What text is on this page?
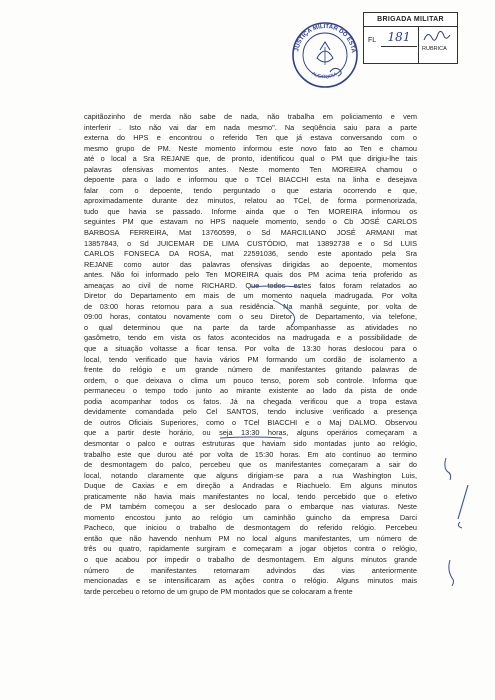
JUSTIÇA MILITAR DO ESTA
AUDITORIA
BRIGADA MILITAR
FL 181
RUBRICA
capitãozinho de merda não sabe de nada, não trabalha em policiamento e vem
interferir . Isto não vai dar em nada mesmo". Na seqüência saiu para a parte
externa do HPS e encontrou o referido Ten que já estava conversando com o
mesmo grupo de PM. Neste momento informou este novo fato ao Ten e chamou
até o local a Sra REJANE que, de pronto, identificou qual o PM que dirigiu-lhe tais
palavras ofensivas momentos antes. Neste momento Ten MOREIRA chamou o
depoente para o lado e informou que o TCel BIACCHI esta na linha e desejava
falar com o depoente, tendo perguntado o que estaria ocorrendo e que,
aproximadamente durante dez minutos, relatou ao TCel, de forma pormenorizada,
tudo que havia se passado. Informe ainda que o Ten MOREIRA informou os
seguintes PM que estavam no HPS naquele momento, sendo o Cb JOSÉ CARLOS
BARBOSA FERREIRA, Mat 13760599, o Sd MARCILIANO JOSÉ ARMANI mat
13857843, o Sd JUICEMAR DE LIMA CUSTÓDIO, mat 13892738 e o Sd LUIS
CARLOS FONSECA DA ROSA, mat 22591036, sendo este apontado pela Sra
REJANE como autor das palavras ofensivas dirigidas ao depoente, momentos
antes. Não foi informado pelo Ten MOREIRA quais dos PM acima teria proferido as
ameaças ao civil de nome RICHARD. Que todos estes fatos foram relatados ao
Diretor do Departamento em mais de um momento naquela madrugada. Por volta
de 03:00 horas retornou para a sua residência. Na manhã seguinte, por volta de
09:00 horas, contatou novamente com o seu Diretor de Departamento, via telefone,
o qual determinou que na parte da tarde acompanhasse as atividades no
gasômetro, tendo em vista os fatos acontecidos na madrugada e a possibilidade de
que a situação voltasse a ficar tensa. Por volta de 13:30 horas deslocou para o
local, tendo verificado que havia vários PM formando um cordão de isolamento a
frente do relógio e um grande número de manifestantes gritando palavras de
ordem, o que deixava o clima um pouco tenso, porem sob controle. Informa que
permaneceu o tempo todo junto ao mirante existente ao lado da pista de onde
podia acompanhar todos os fatos. Já na chegada verificou que a tropa estava
devidamente comandada pelo Cel SANTOS, tendo inclusive verificado a presença
de outros Oficiais Superiores, como o TCel BIACCHI e o Maj DALMO. Observou
que a partir deste horário, ou seja 13:30 horas, alguns operários começaram a
desmontar o palco e outras estruturas que haviam sido montadas junto ao relógio,
trabalho este que durou até por volta de 15:30 horas. Em ato contínuo ao termino
de desmontagem do palco, percebeu que os manifestantes começaram a sair do
local, notando claramente que alguns dirigiam-se para a rua Washington Luis,
Duque de Caxias e em direção a Andradas e Riachuelo. Em alguns minutos
praticamente não havia mais manifestantes no local, tendo percebido que o efetivo
de PM também começou a ser deslocado para o embarque nas viaturas. Neste
momento encostou junto ao relógio um caminhão guincho da empresa Darci
Pacheco, que iniciou o trabalho de desmontagem do referido relógio. Percebeu
então que não havendo nenhum PM no local alguns manifestantes, um número de
três ou quatro, rapidamente surgiram e começaram a jogar objetos contra o relógio,
o que acabou por impedir o trabalho de desmontagem. Em alguns minutos grande
número de manifestantes retornaram advindos das vias anteriormente
mencionadas e se intensificaram as ações contra o relógio. Alguns minutos mais
tarde percebeu o retorno de um grupo de PM montados que se colocaram a frente
